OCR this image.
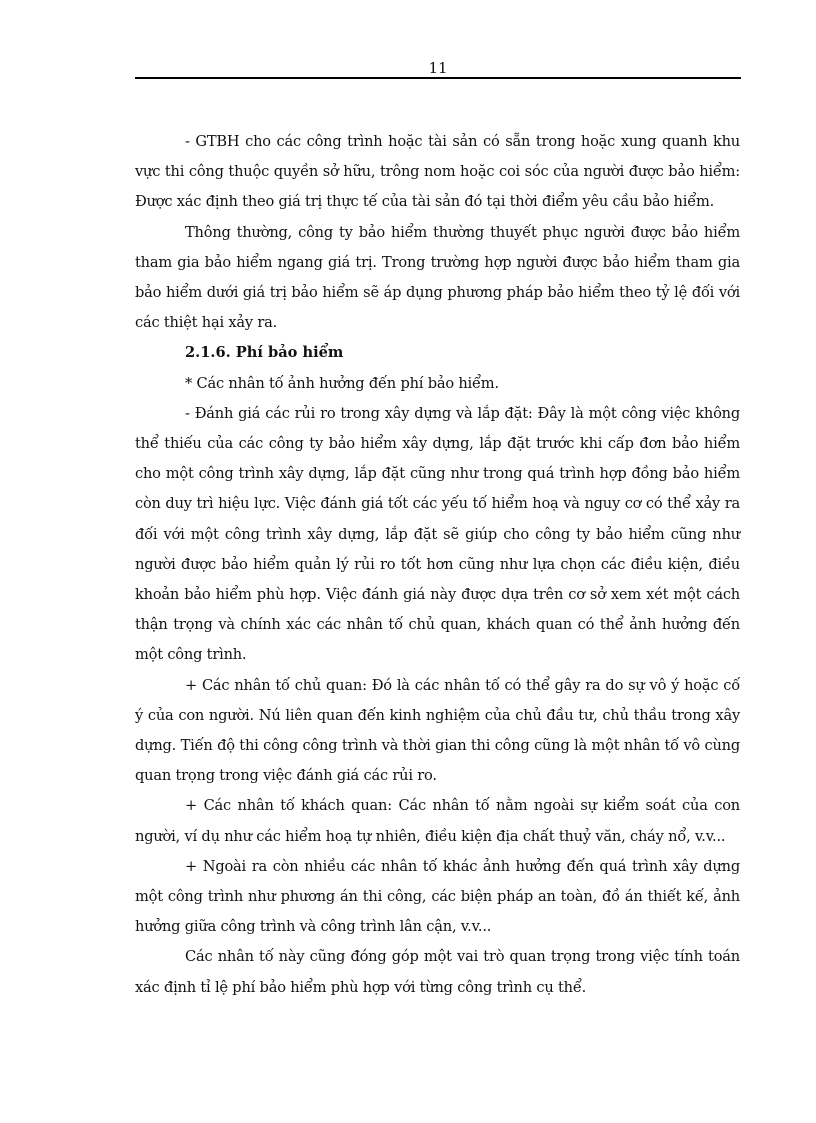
11

- GTBH cho các công trình hoặc tài sản có sẵn trong hoặc xung quanh khu vực thi công thuộc quyền sở hữu, trông nom hoặc coi sóc của người được bảo hiểm: Được xác định theo giá trị thực tế của tài sản đó tại thời điểm yêu cầu bảo hiểm.

Thông thường, công ty bảo hiểm thường thuyết phục người được bảo hiểm tham gia bảo hiểm ngang giá trị. Trong trường hợp người được bảo hiểm tham gia bảo hiểm dưới giá trị bảo hiểm sẽ áp dụng phương pháp bảo hiểm theo tỷ lệ đối với các thiệt hại xảy ra.

2.1.6. Phí bảo hiểm

* Các nhân tố ảnh hưởng đến phí bảo hiểm.

- Đánh giá các rủi ro trong xây dựng và lắp đặt: Đây là một công việc không thể thiếu của các công ty bảo hiểm xây dựng, lắp đặt trước khi cấp đơn bảo hiểm cho một công trình xây dựng, lắp đặt cũng như trong quá trình hợp đồng bảo hiểm còn duy trì hiệu lực. Việc đánh giá tốt các yếu tố hiểm hoạ và nguy cơ có thể xảy ra đối với một công trình xây dựng, lắp đặt sẽ giúp cho công ty bảo hiểm cũng như người được bảo hiểm quản lý rủi ro tốt hơn cũng như lựa chọn các điều kiện, điều khoản bảo hiểm phù hợp. Việc đánh giá này được dựa trên cơ sở xem xét một cách thận trọng và chính xác các nhân tố chủ quan, khách quan có thể ảnh hưởng đến một công trình.

+ Các nhân tố chủ quan: Đó là các nhân tố có thể gây ra do sự vô ý hoặc cố ý của con người. Nú liên quan đến kinh nghiệm của chủ đầu tư, chủ thầu trong xây dựng. Tiến độ thi công công trình và thời gian thi công cũng là một nhân tố vô cùng quan trọng trong việc đánh giá các rủi ro.

+ Các nhân tố khách quan: Các nhân tố nằm ngoài sự kiểm soát của con người, ví dụ như các hiểm hoạ tự nhiên, điều kiện địa chất thuỷ văn, cháy nổ, v.v...

+ Ngoài ra còn nhiều các nhân tố khác ảnh hưởng đến quá trình xây dựng một công trình như phương án thi công, các biện pháp an toàn, đồ án thiết kế, ảnh hưởng giữa công trình và công trình lân cận, v.v...

Các nhân tố này cũng đóng góp một vai trò quan trọng trong việc tính toán xác định tỉ lệ phí bảo hiểm phù hợp với từng công trình cụ thể.
